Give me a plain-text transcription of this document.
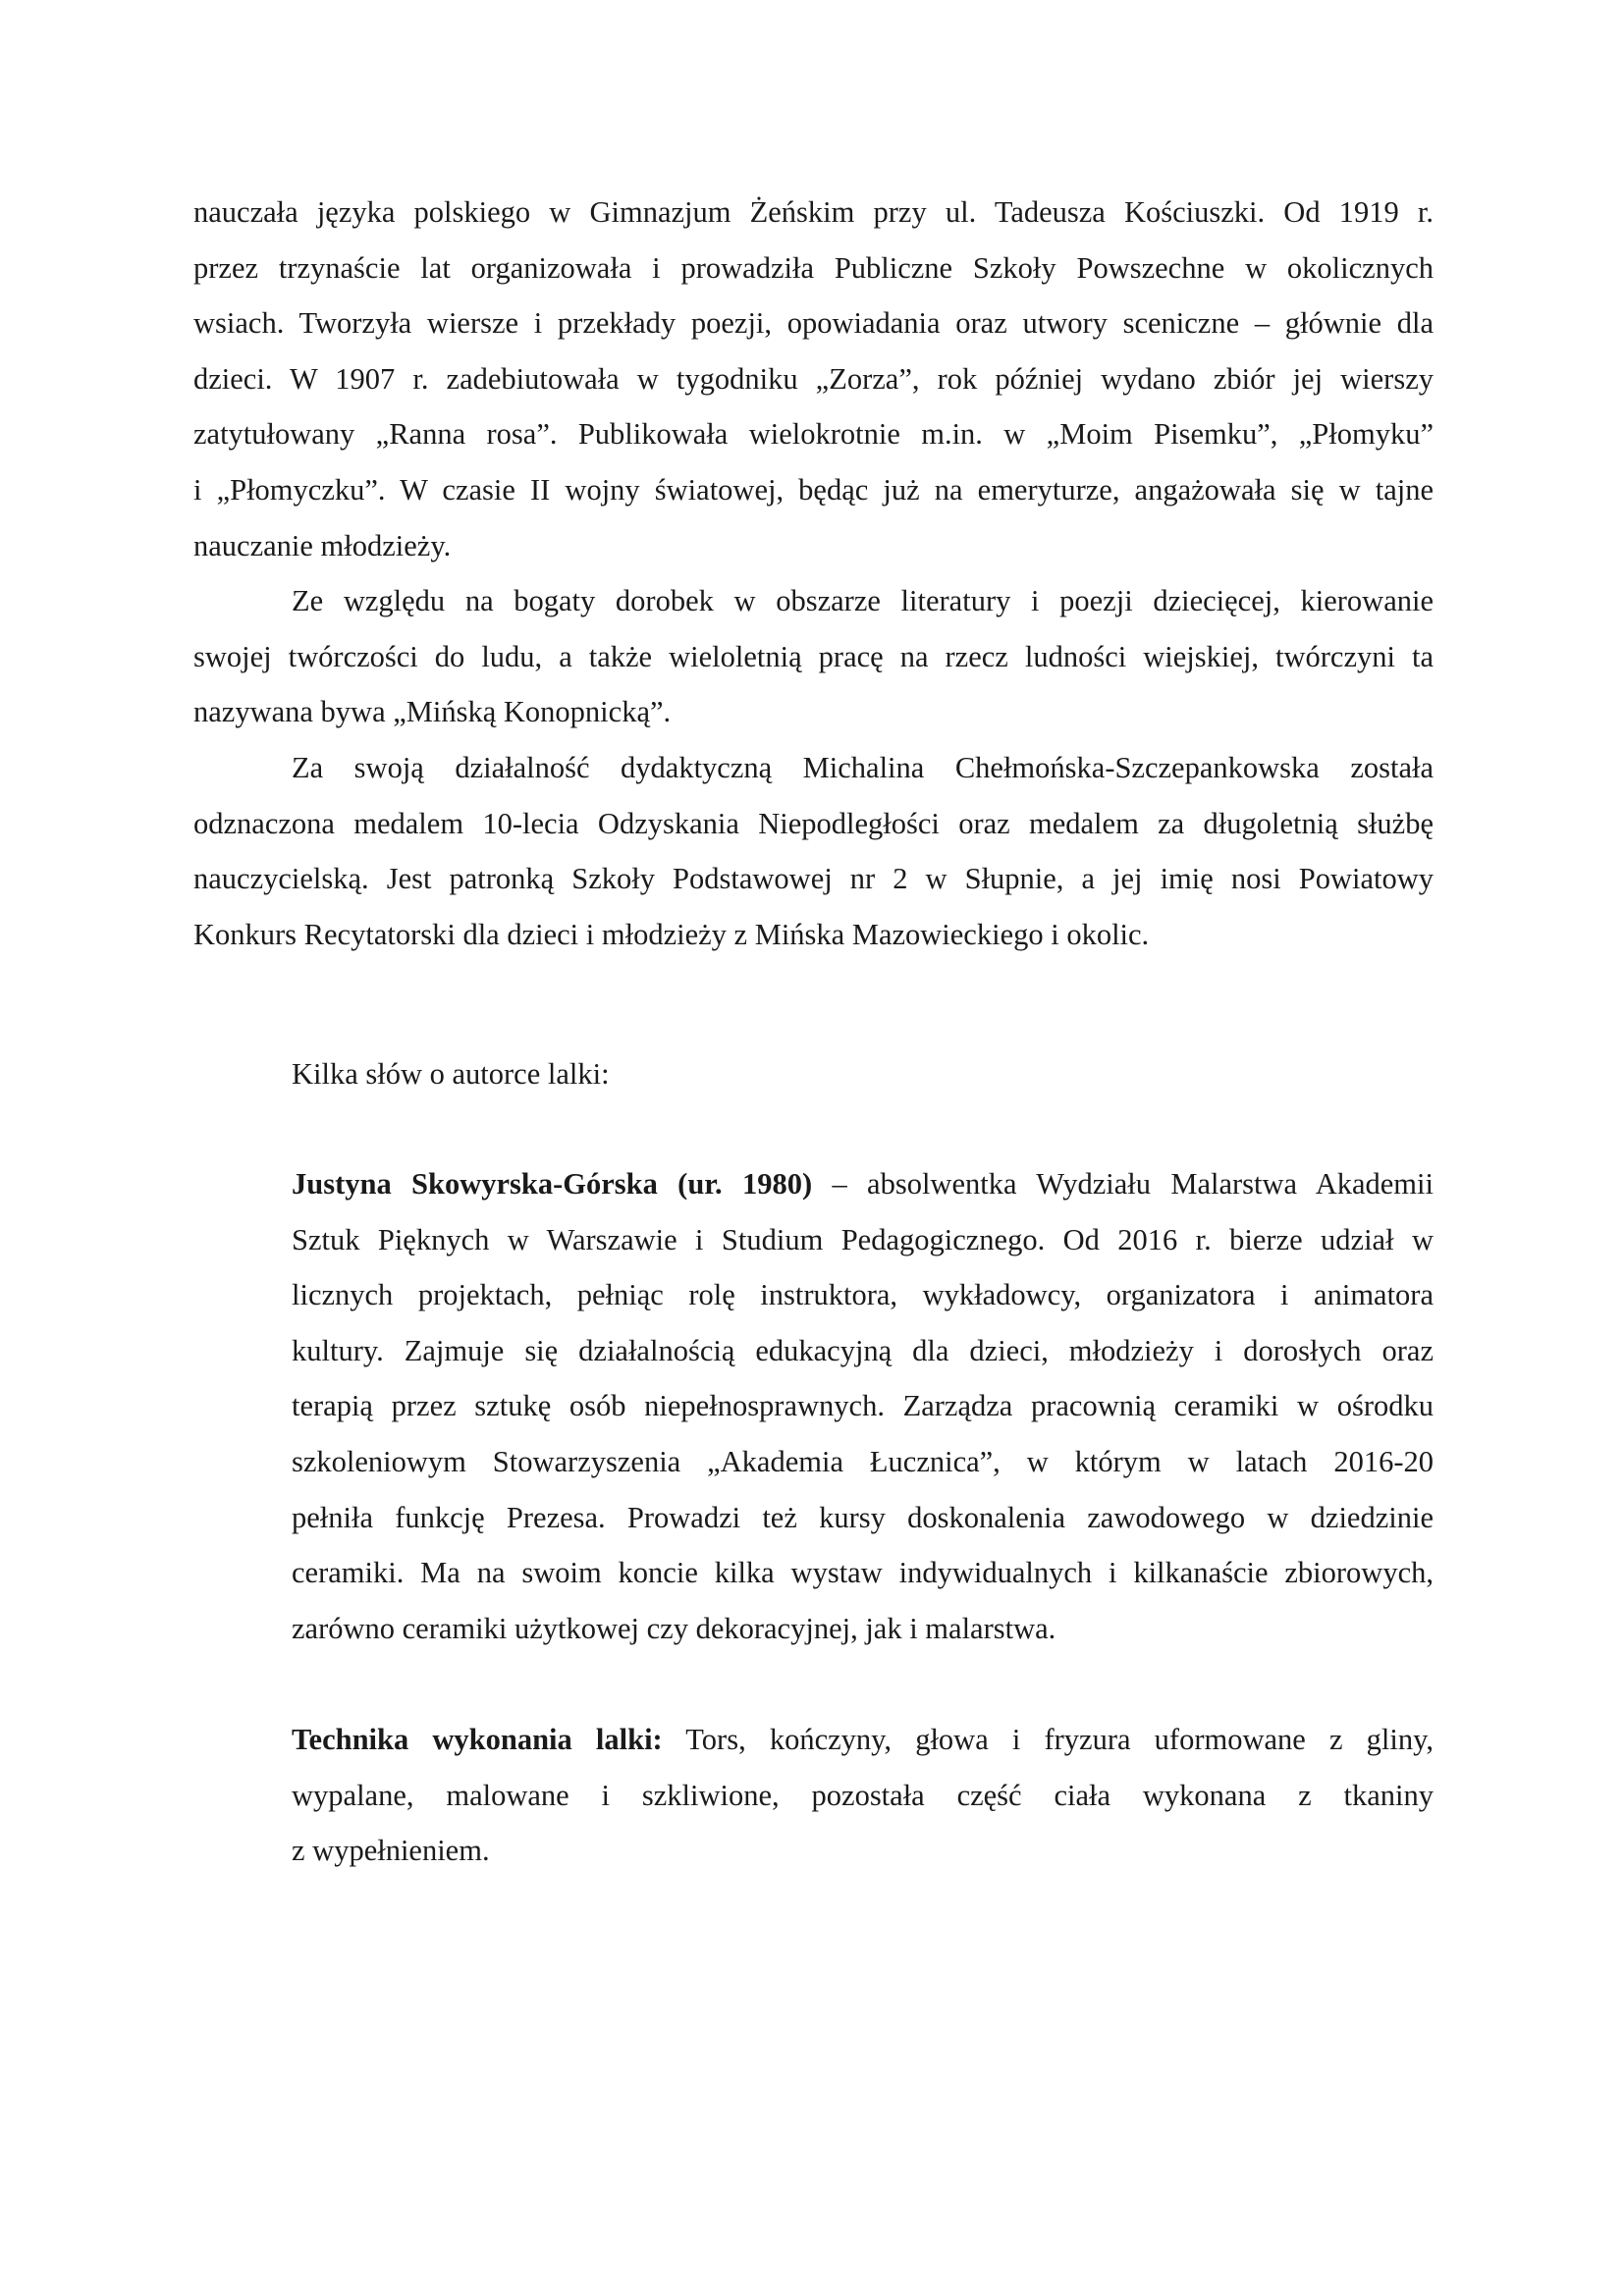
nauczała języka polskiego w Gimnazjum Żeńskim przy ul. Tadeusza Kościuszki. Od 1919 r.
przez trzynaście lat organizowała i prowadziła Publiczne Szkoły Powszechne w okolicznych
wsiach. Tworzyła wiersze i przekłady poezji, opowiadania oraz utwory sceniczne – głównie dla
dzieci. W 1907 r. zadebiutowała w tygodniku „Zorza”, rok później wydano zbiór jej wierszy
zatytułowany „Ranna rosa”. Publikowała wielokrotnie m.in. w „Moim Pisemku”, „Płomyku”
i „Płomyczku”. W czasie II wojny światowej, będąc już na emeryturze, angażowała się w tajne
nauczanie młodzieży.
Ze względu na bogaty dorobek w obszarze literatury i poezji dziecięcej, kierowanie
swojej twórczości do ludu, a także wieloletnią pracę na rzecz ludności wiejskiej, twórczyni ta
nazywana bywa „Mińską Konopnicką”.
Za swoją działalność dydaktyczną Michalina Chełmońska-Szczepankowska została
odznaczona medalem 10-lecia Odzyskania Niepodległości oraz medalem za długoletnią służbę
nauczycielską. Jest patronką Szkoły Podstawowej nr 2 w Słupnie, a jej imię nosi Powiatowy
Konkurs Recytatorski dla dzieci i młodzieży z Mińska Mazowieckiego i okolic.
Kilka słów o autorce lalki:
Justyna Skowyrska-Górska (ur. 1980) – absolwentka Wydziału Malarstwa Akademii
Sztuk Pięknych w Warszawie i Studium Pedagogicznego. Od 2016 r. bierze udział w
licznych projektach, pełniąc rolę instruktora, wykładowcy, organizatora i animatora
kultury. Zajmuje się działalnością edukacyjną dla dzieci, młodzieży i dorosłych oraz
terapią przez sztukę osób niepełnosprawnych. Zarządza pracownią ceramiki w ośrodku
szkoleniowym Stowarzyszenia „Akademia Łucznica”, w którym w latach 2016-20
pełniła funkcję Prezesa. Prowadzi też kursy doskonalenia zawodowego w dziedzinie
ceramiki. Ma na swoim koncie kilka wystaw indywidualnych i kilkanaście zbiorowych,
zarówno ceramiki użytkowej czy dekoracyjnej, jak i malarstwa.
Technika wykonania lalki: Tors, kończyny, głowa i fryzura uformowane z gliny,
wypalane, malowane i szkliwione, pozostała część ciała wykonana z tkaniny
z wypełnieniem.
